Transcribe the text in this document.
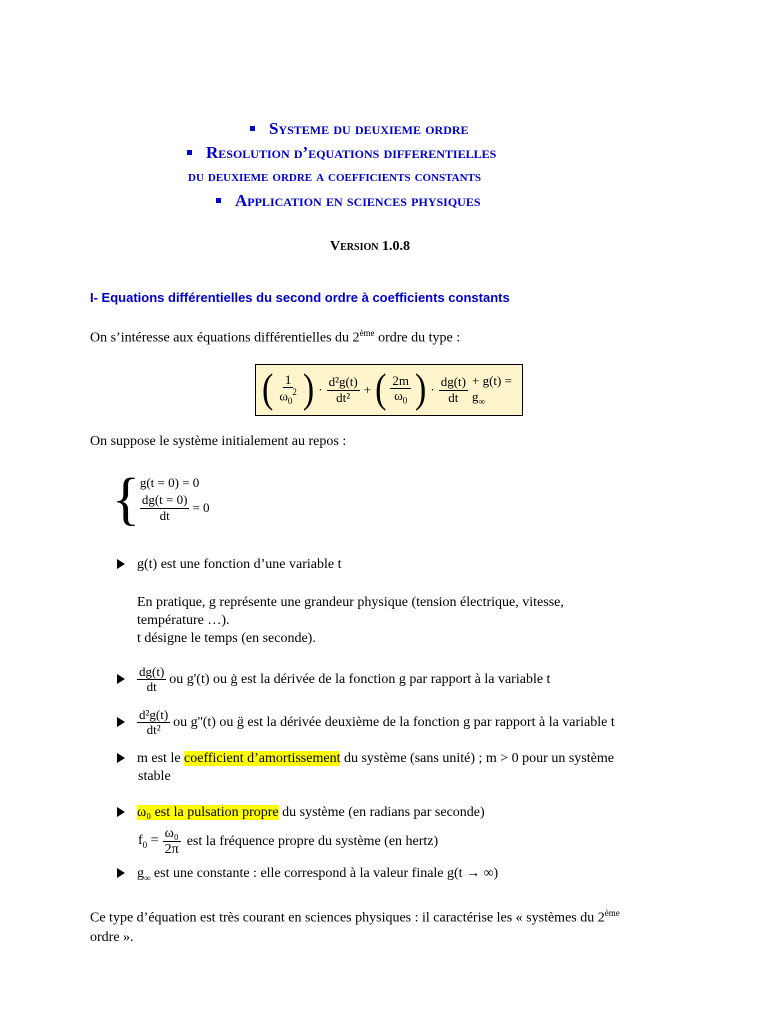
Systeme du deuxieme ordre
Resolution d’equations differentielles
du deuxieme ordre a coefficients constants
Application en sciences physiques
Version 1.0.8
I- Equations différentielles du second ordre à coefficients constants
On s’intéresse aux équations différentielles du 2ème ordre du type :
( $\frac{1}{\omega_0^2}$ ) · $\frac{\text{d²g(t)}}{\text{dt²}}$ + ( $\frac{2m}{\omega_0}$ ) · $\frac{dg(t)}{dt} + g(t) = g_\infty$
On suppose le système initialement au repos :
{ g(t = 0) = 0
$\frac{dg(t = 0)}{dt} = 0$
g(t) est une fonction d’une variable t
En pratique, g représente une grandeur physique (tension électrique, vitesse,
température …).
t désigne le temps (en seconde).
$\frac{dg(t)}{dt}$ ou g'(t) ou ġ est la dérivée de la fonction g par rapport à la variable t
$\frac{\text{d²g(t)}}{\text{dt²}}$ ou g''(t) ou g̈ est la dérivée deuxième de la fonction g par rapport à la variable t
m est le coefficient d’amortissement du système (sans unité) ; m > 0 pour un système
stable
ω₀ est la pulsation propre du système (en radians par seconde)
$f_0 = \frac{\text{ω₀}}{2\pi}$ est la fréquence propre du système (en hertz)
$g_\infty$ est une constante : elle correspond à la valeur finale g(t → ∞)
Ce type d’équation est très courant en sciences physiques : il caractérise les « systèmes du 2ème
ordre ».
